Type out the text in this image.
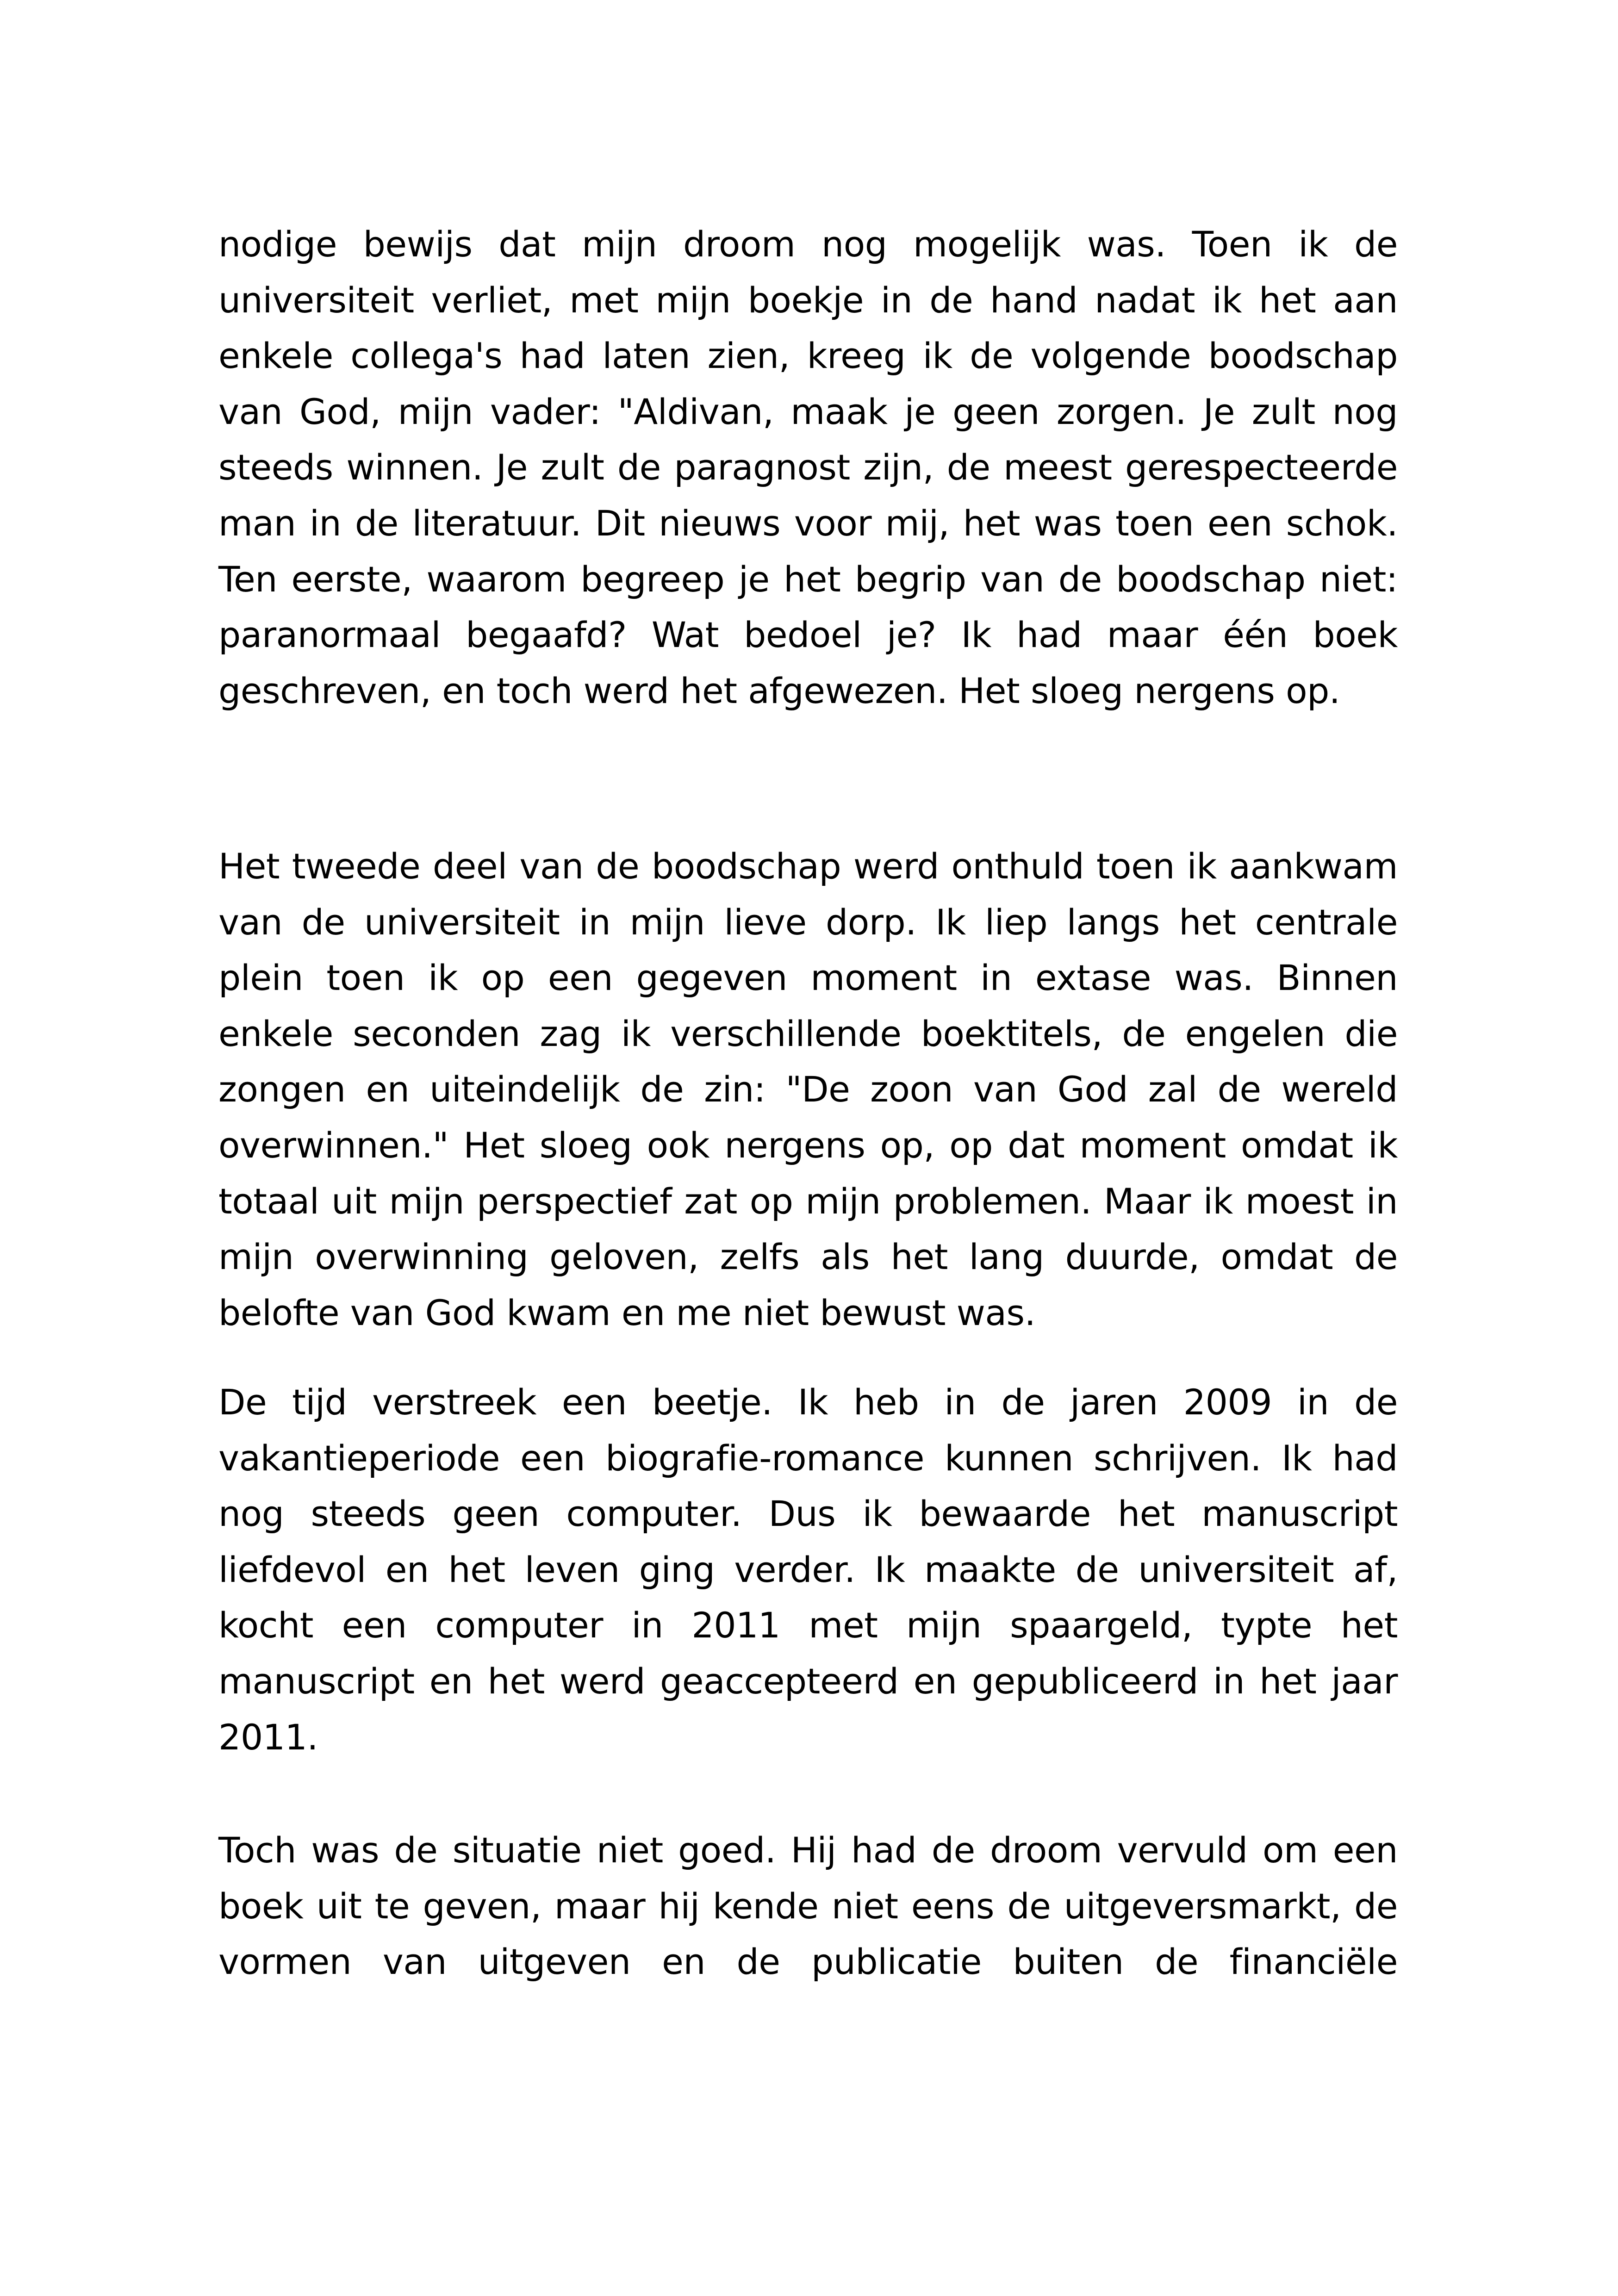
nodige bewijs dat mijn droom nog mogelijk was. Toen ik de universiteit verliet, met mijn boekje in de hand nadat ik het aan enkele collega's had laten zien, kreeg ik de volgende boodschap van God, mijn vader: "Aldivan, maak je geen zorgen. Je zult nog steeds winnen. Je zult de paragnost zijn, de meest gerespecteerde man in de literatuur. Dit nieuws voor mij, het was toen een schok. Ten eerste, waarom begreep je het begrip van de boodschap niet: paranormaal begaafd? Wat bedoel je? Ik had maar één boek geschreven, en toch werd het afgewezen. Het sloeg nergens op.

Het tweede deel van de boodschap werd onthuld toen ik aankwam van de universiteit in mijn lieve dorp. Ik liep langs het centrale plein toen ik op een gegeven moment in extase was. Binnen enkele seconden zag ik verschillende boektitels, de engelen die zongen en uiteindelijk de zin: "De zoon van God zal de wereld overwinnen." Het sloeg ook nergens op, op dat moment omdat ik totaal uit mijn perspectief zat op mijn problemen. Maar ik moest in mijn overwinning geloven, zelfs als het lang duurde, omdat de belofte van God kwam en me niet bewust was.

De tijd verstreek een beetje. Ik heb in de jaren 2009 in de vakantieperiode een biografie-romance kunnen schrijven. Ik had nog steeds geen computer. Dus ik bewaarde het manuscript liefdevol en het leven ging verder. Ik maakte de universiteit af, kocht een computer in 2011 met mijn spaargeld, typte het manuscript en het werd geaccepteerd en gepubliceerd in het jaar 2011.

Toch was de situatie niet goed. Hij had de droom vervuld om een boek uit te geven, maar hij kende niet eens de uitgeversmarkt, de vormen van uitgeven en de publicatie buiten de financiële
